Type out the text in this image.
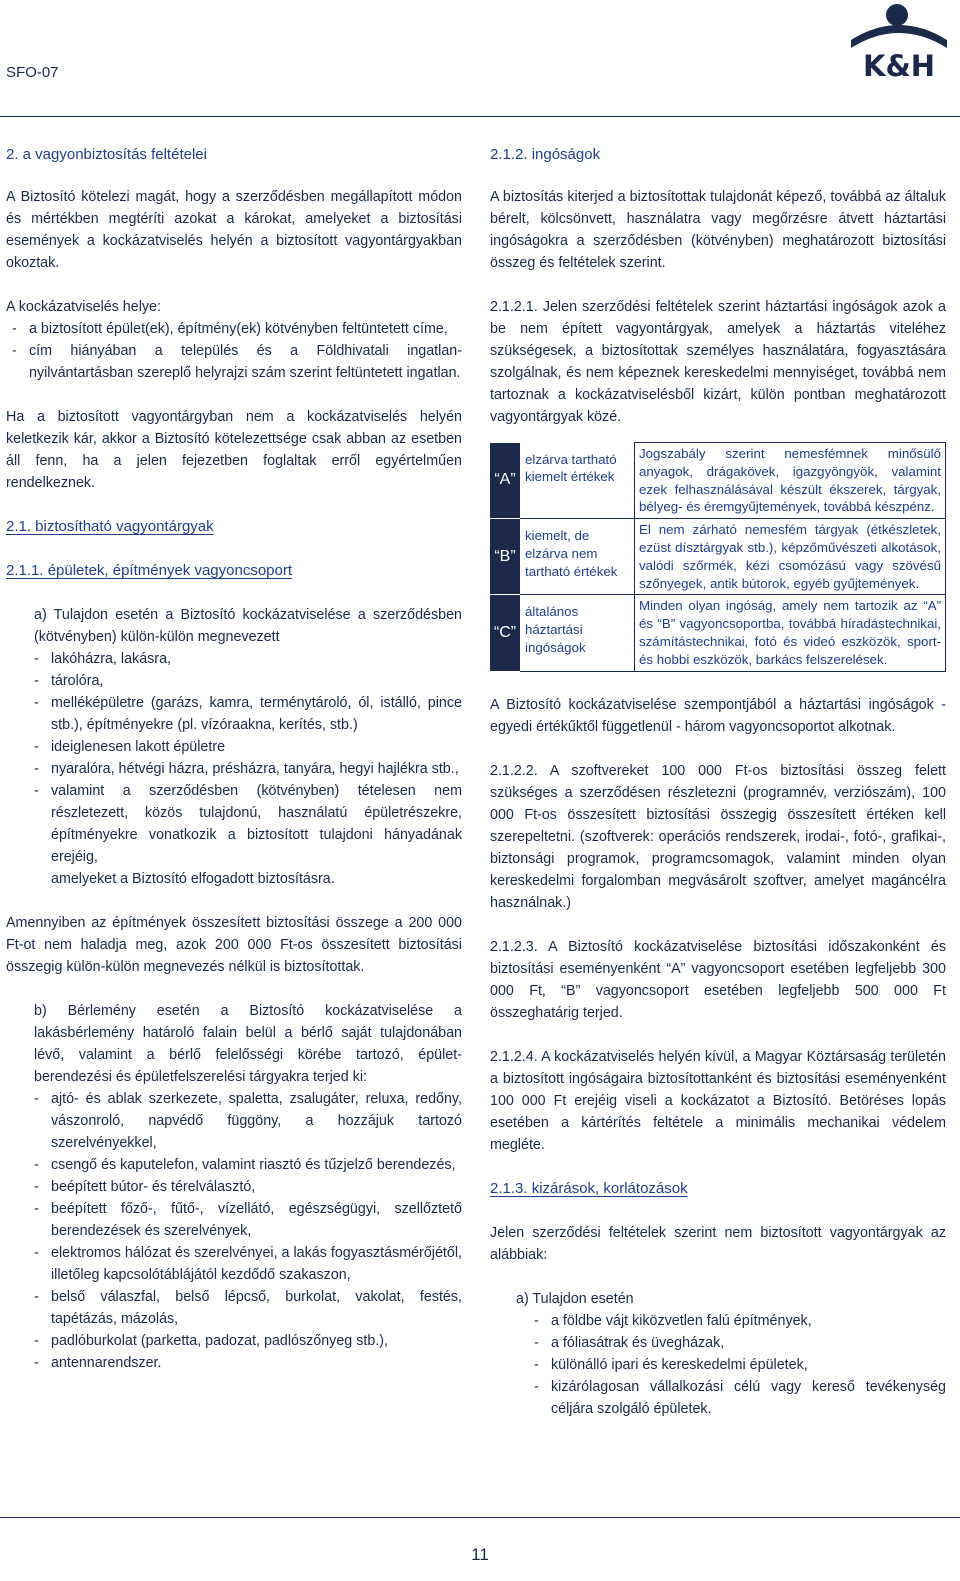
SFO-07	K&H

2. a vagyonbiztosítás feltételei

A Biztosító kötelezi magát, hogy a szerződésben megállapított módon és mértékben megtéríti azokat a károkat, amelyeket a biztosítási események a kockázatviselés helyén a biztosított vagyontárgyakban okoztak.

A kockázatviselés helye:

- a biztosított épület(ek), építmény(ek) kötvényben feltüntetett címe,

- cím hiányában a település és a Földhivatali ingatlan-nyilvántartásban szereplő helyrajzi szám szerint feltüntetett ingatlan.

Ha a biztosított vagyontárgyban nem a kockázatviselés helyén keletkezik kár, akkor a Biztosító kötelezettsége csak abban az esetben áll fenn, ha a jelen fejezetben foglaltak erről egyértelműen rendelkeznek.

2.1. biztosítható vagyontárgyak

2.1.1. épületek, építmények vagyoncsoport

a) Tulajdon esetén a Biztosító kockázatviselése a szerződésben (kötvényben) külön-külön megnevezett

- lakóházra, lakásra,

- tárolóra,

- melléképületre (garázs, kamra, terménytároló, ól, istálló, pince stb.), építményekre (pl. vízóraakna, kerítés, stb.)

- ideiglenesen lakott épületre

- nyaralóra, hétvégi házra, présházra, tanyára, hegyi hajlékra stb.,

- valamint a szerződésben (kötvényben) tételesen nem részletezett, közös tulajdonú, használatú épületrészekre, építményekre vonatkozik a biztosított tulajdoni hányadának erejéig,

amelyeket a Biztosító elfogadott biztosításra.

Amennyiben az építmények összesített biztosítási összege a 200 000 Ft-ot nem haladja meg, azok 200 000 Ft-os összesített biztosítási összegig külön-külön megnevezés nélkül is biztosítottak.

b) Bérlemény esetén a Biztosító kockázatviselése a lakásbérlemény határoló falain belül a bérlő saját tulajdonában lévő, valamint a bérlő felelősségi körébe tartozó, épület-berendezési és épületfelszerelési tárgyakra terjed ki:

- ajtó- és ablak szerkezete, spaletta, zsalugáter, reluxa, redőny, vászonroló, napvédő függöny, a hozzájuk tartozó szerelvényekkel,

- csengő és kaputelefon, valamint riasztó és tűzjelző berendezés,

- beépített bútor- és térelválasztó,

- beépített főző-, fűtő-, vízellátó, egészségügyi, szellőztető berendezések és szerelvények,

- elektromos hálózat és szerelvényei, a lakás fogyasztásmérőjétől, illetőleg kapcsolótáblájától kezdődő szakaszon,

- belső válaszfal, belső lépcső, burkolat, vakolat, festés, tapétázás, mázolás,

- padlóburkolat (parketta, padozat, padlószőnyeg stb.),

- antennarendszer.

2.1.2. ingóságok

A biztosítás kiterjed a biztosítottak tulajdonát képező, továbbá az általuk bérelt, kölcsönvett, használatra vagy megőrzésre átvett háztartási ingóságokra a szerződésben (kötvényben) meghatározott biztosítási összeg és feltételek szerint.

2.1.2.1. Jelen szerződési feltételek szerint háztartási ingóságok azok a be nem épített vagyontárgyak, amelyek a háztartás viteléhez szükségesek, a biztosítottak személyes használatára, fogyasztására szolgálnak, és nem képeznek kereskedelmi mennyiséget, továbbá nem tartoznak a kockázatviselésből kizárt, külön pontban meghatározott vagyontárgyak közé.

“A”	elzárva tartható kiemelt értékek	Jogszabály szerint nemesfémnek minősülő anyagok, drágakövek, igazgyöngyök, valamint ezek felhasználásával készült ékszerek, tárgyak, bélyeg- és éremgyűjtemények, továbbá készpénz.
“B”	kiemelt, de elzárva nem tartható értékek	El nem zárható nemesfém tárgyak (étkészletek, ezüst dísztárgyak stb.), képzőművészeti alkotások, valódi szőrmék, kézi csomózású vagy szövésű szőnyegek, antik bútorok, egyéb gyűjtemények.
“C”	általános háztartási ingóságok	Minden olyan ingóság, amely nem tartozik az “A” és “B” vagyoncsoportba, továbbá híradástechnikai, számítástechnikai, fotó és videó eszközök, sport- és hobbi eszközök, barkács felszerelések.

A Biztosító kockázatviselése szempontjából a háztartási ingóságok - egyedi értékűktől függetlenül - három vagyoncsoportot alkotnak.

2.1.2.2. A szoftvereket 100 000 Ft-os biztosítási összeg felett szükséges a szerződésen részletezni (programnév, verziószám), 100 000 Ft-os összesített biztosítási összegig összesített értéken kell szerepeltetni. (szoftverek: operációs rendszerek, irodai-, fotó-, grafikai-, biztonsági programok, programcsomagok, valamint minden olyan kereskedelmi forgalomban megvásárolt szoftver, amelyet magáncélra használnak.)

2.1.2.3. A Biztosító kockázatviselése biztosítási időszakonként és biztosítási eseményenként “A” vagyoncsoport esetében legfeljebb 300 000 Ft, “B” vagyoncsoport esetében legfeljebb 500 000 Ft összeghatárig terjed.

2.1.2.4. A kockázatviselés helyén kívül, a Magyar Köztársaság területén a biztosított ingóságaira biztosítottanként és biztosítási eseményenként 100 000 Ft erejéig viseli a kockázatot a Biztosító. Betöréses lopás esetében a kártérítés feltétele a minimális mechanikai védelem megléte.

2.1.3. kizárások, korlátozások

Jelen szerződési feltételek szerint nem biztosított vagyontárgyak az alábbiak:

a) Tulajdon esetén

- a földbe vájt kiközvetlen falú építmények,

- a fóliasátrak és üvegházak,

- különálló ipari és kereskedelmi épületek,

- kizárólagosan vállalkozási célú vagy kereső tevékenység céljára szolgáló épületek.

11
